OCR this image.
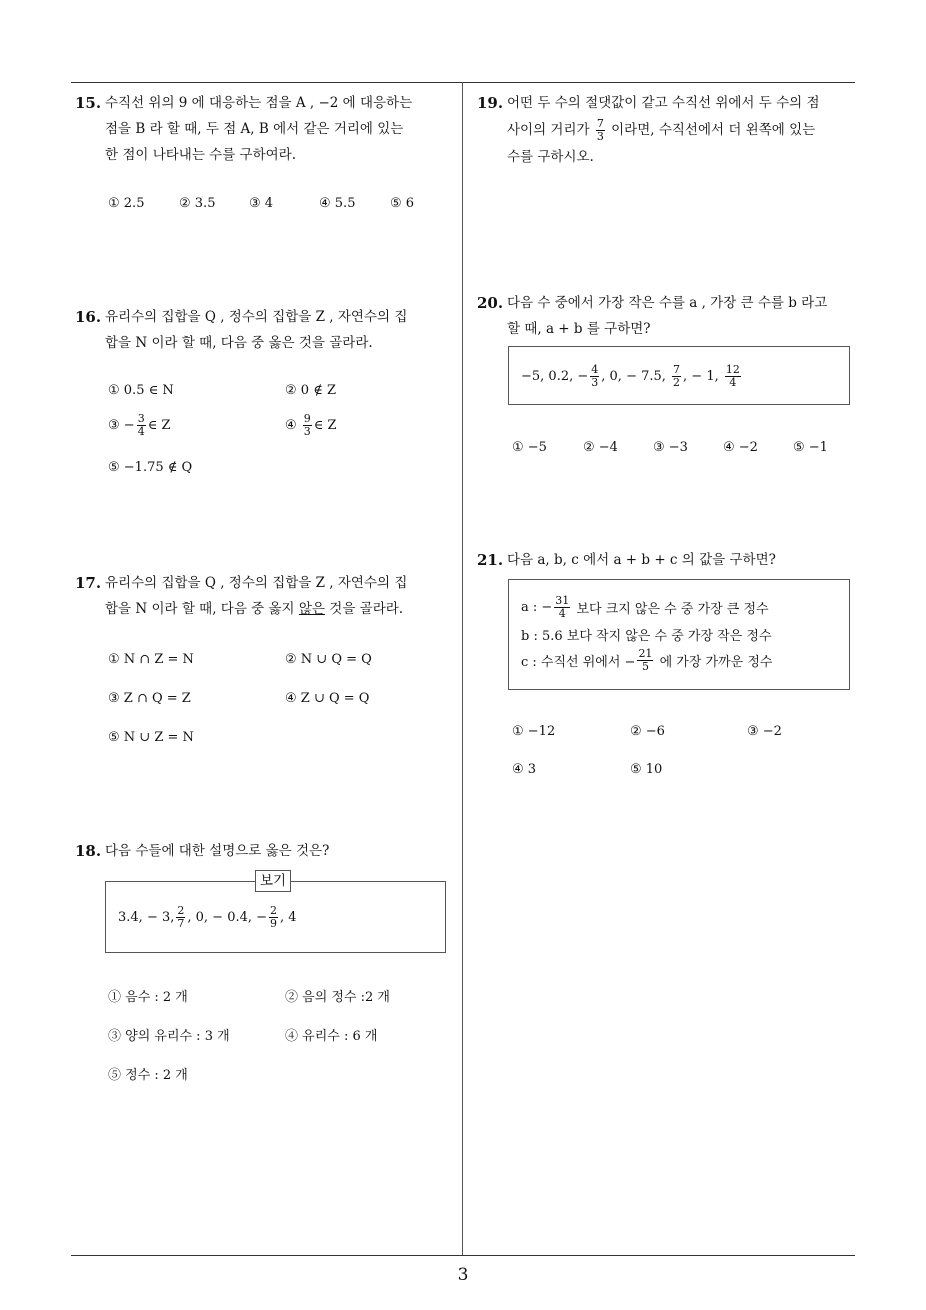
3
15. 수직선 위의 9 에 대응하는 점을 A , −2 에 대응하는
점을 B 라 할 때, 두 점 A, B 에서 같은 거리에 있는
한 점이 나타내는 수를 구하여라.
① 2.5	② 3.5	③ 4	④ 5.5	⑤ 6
16. 유리수의 집합을 Q , 정수의 집합을 Z , 자연수의 집
합을 N 이라 할 때, 다음 중 옳은 것을 골라라.
① 0.5 ∈ N	② 0 ∉ Z
③
− $\frac{3}{4}$ ∈ Z	④
$\frac{9}{3}$ ∈ Z
⑤ −1.75 ∉ Q
17. 유리수의 집합을 Q , 정수의 집합을 Z , 자연수의 집
합을 N 이라 할 때, 다음 중 옳지 않은 것을 골라라.
① N ∩ Z = N	② N ∪ Q = Q
③ Z ∩ Q = Z	④ Z ∪ Q = Q
⑤ N ∪ Z = N
18. 다음 수들에 대한 설명으로 옳은 것은?
3.4, − 3, $\frac{2}{7}$ , 0, − 0.4, − $\frac{2}{9}$ , 4
보기
① 음수 : 2 개	② 음의 정수 :2 개
③ 양의 유리수 : 3 개	④ 유리수 : 6 개
⑤ 정수 : 2 개
19. 어떤 두 수의 절댓값이 같고 수직선 위에서 두 수의 점
사이의 거리가
$\frac{7}{3}$
이라면, 수직선에서 더 왼쪽에 있는
수를 구하시오.
20. 다음 수 중에서 가장 작은 수를 a , 가장 큰 수를 b 라고
할 때, a + b 를 구하면?
−5, 0.2, − $\frac{4}{3}$ , 0, − 7.5,
$\frac{7}{2}$ , − 1,
$\frac{12}{4}$
① −5	② −4	③ −3	④ −2	⑤ −1
21. 다음 a, b, c 에서 a + b + c 의 값을 구하면?
a : − $\frac{31}{4}$
보다 크지 않은 수 중 가장 큰 정수
b : 5.6 보다 작지 않은 수 중 가장 작은 정수
c : 수직선 위에서 − $\frac{21}{5}$
에 가장 가까운 정수
① −12	② −6	③ −2
④ 3	⑤ 10
